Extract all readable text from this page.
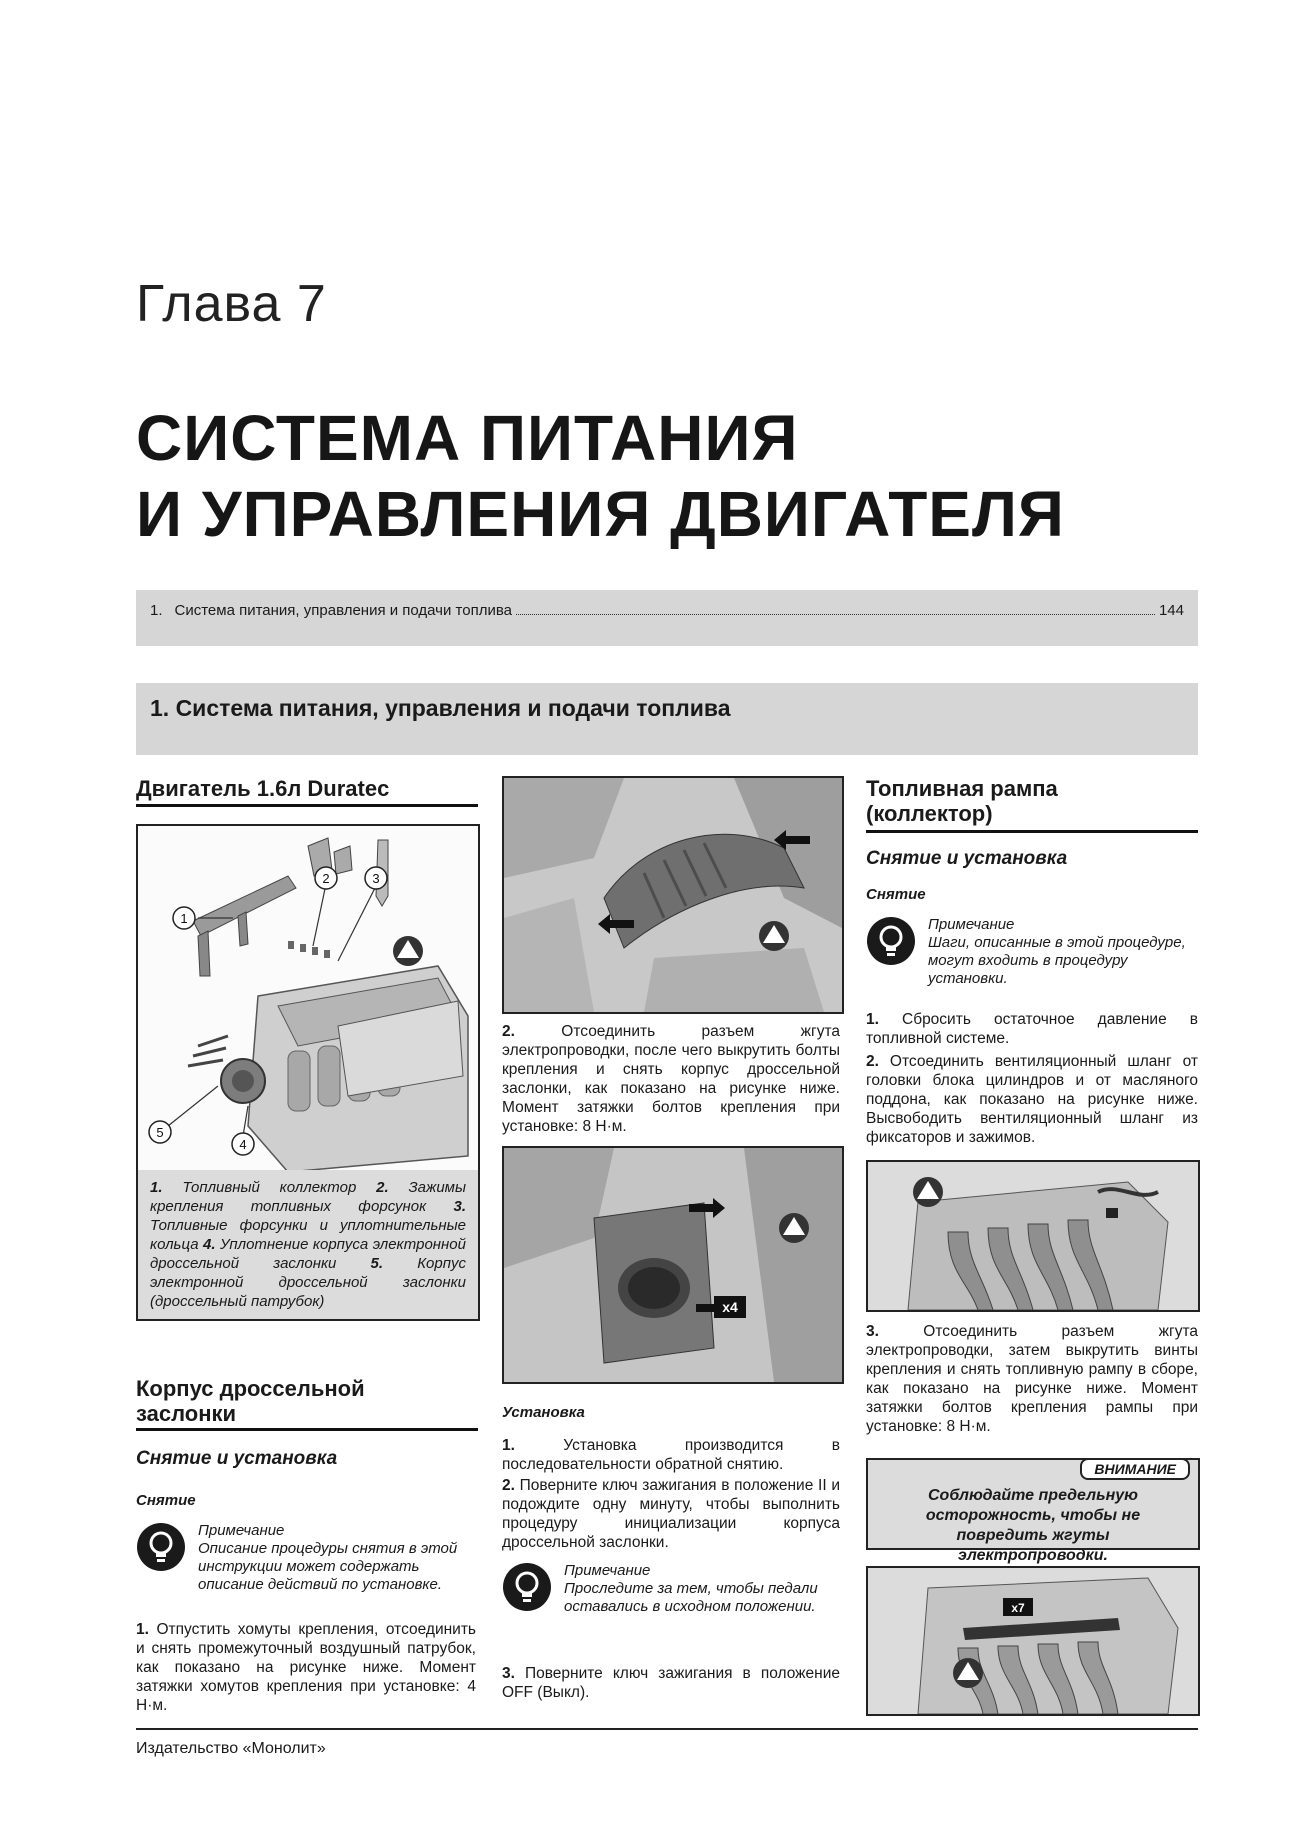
Глава 7
СИСТЕМА ПИТАНИЯ
И УПРАВЛЕНИЯ ДВИГАТЕЛЯ
1. Система питания, управления и подачи топлива	144
1. Система питания, управления и подачи топлива
Двигатель 1.6л Duratec
1
2	3
4
5
1. Топливный коллектор 2. Зажимы крепления топливных форсунок 3. Топливные форсунки и уплотнительные кольца 4. Уплотнение корпуса электронной дроссельной заслонки 5. Корпус электронной дроссельной заслонки (дроссельный патрубок)
Корпус дроссельной
заслонки
Снятие и установка
Снятие
Примечание
Описание процедуры снятия в этой инструкции может содержать описание действий по установке.
1. Отпустить хомуты крепления, отсоединить и снять промежуточный воздушный патрубок, как показано на рисунке ниже. Момент затяжки хомутов крепления при установке: 4 Н·м.
2. Отсоединить разъем жгута электропроводки, после чего выкрутить болты крепления и снять корпус дроссельной заслонки, как показано на рисунке ниже. Момент затяжки болтов крепления при установке: 8 Н·м.
x4
Установка
1. Установка производится в последовательности обратной снятию.
2. Поверните ключ зажигания в положение II и подождите одну минуту, чтобы выполнить процедуру инициализации корпуса дроссельной заслонки.
Примечание
Проследите за тем, чтобы педали оставались в исходном положении.
3. Поверните ключ зажигания в положение OFF (Выкл).
Топливная рампа
(коллектор)
Снятие и установка
Снятие
Примечание
Шаги, описанные в этой процедуре, могут входить в процедуру установки.
1. Сбросить остаточное давление в топливной системе.
2. Отсоединить вентиляционный шланг от головки блока цилиндров и от масляного поддона, как показано на рисунке ниже. Высвободить вентиляционный шланг из фиксаторов и зажимов.
3. Отсоединить разъем жгута электропроводки, затем выкрутить винты крепления и снять топливную рампу в сборе, как показано на рисунке ниже. Момент затяжки болтов крепления рампы при установке: 8 Н·м.
ВНИМАНИЕ
Соблюдайте предельную осторожность, чтобы не повредить жгуты электропроводки.
x7
Издательство «Монолит»
